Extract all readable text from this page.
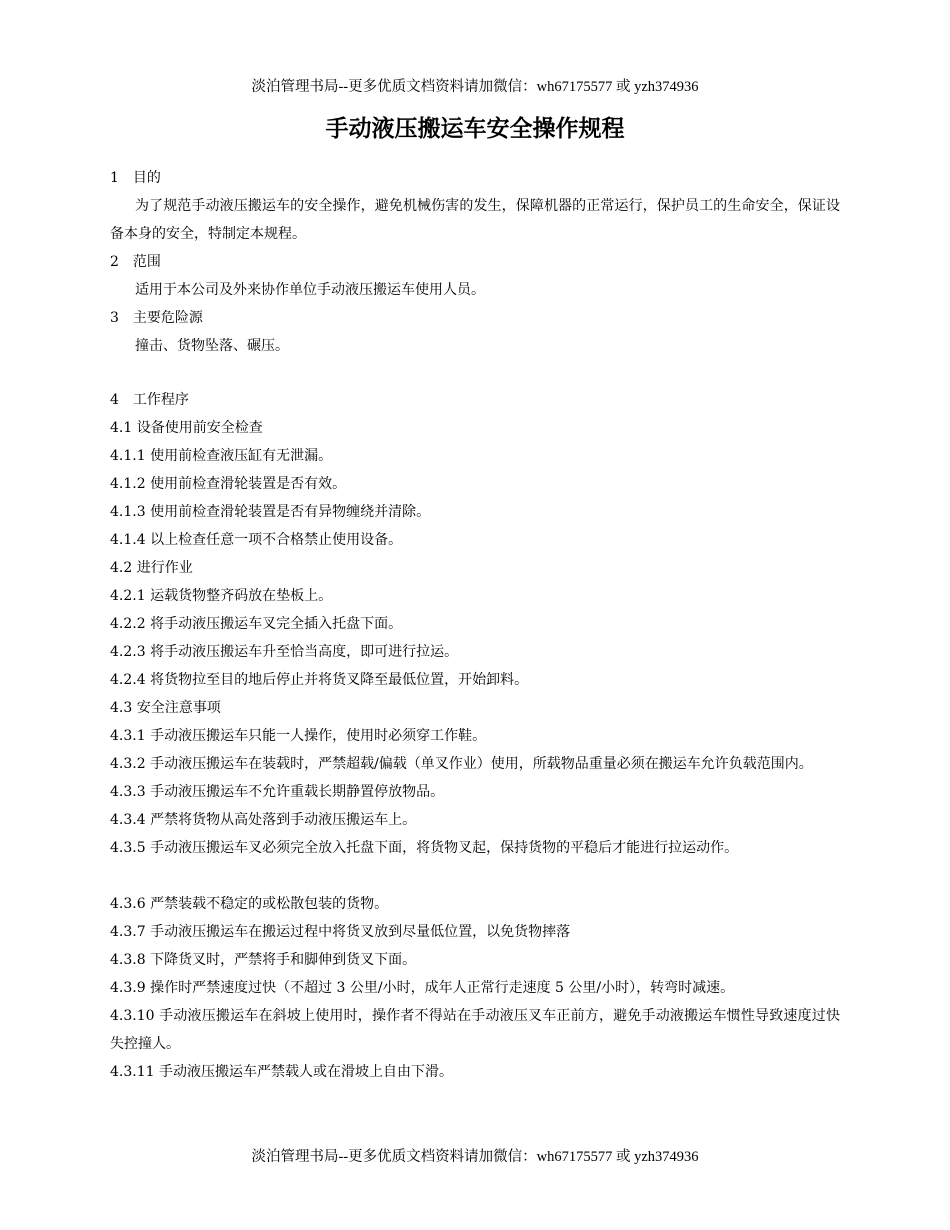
淡泊管理书局--更多优质文档资料请加微信：wh67175577 或 yzh374936
手动液压搬运车安全操作规程
1　目的
为了规范手动液压搬运车的安全操作，避免机械伤害的发生，保障机器的正常运行，保护员工的生命安全，保证设备本身的安全，特制定本规程。
2　范围
适用于本公司及外来协作单位手动液压搬运车使用人员。
3　主要危险源
撞击、货物坠落、碾压。
4　工作程序
4.1 设备使用前安全检查
4.1.1 使用前检查液压缸有无泄漏。
4.1.2 使用前检查滑轮装置是否有效。
4.1.3 使用前检查滑轮装置是否有异物缠绕并清除。
4.1.4 以上检查任意一项不合格禁止使用设备。
4.2 进行作业
4.2.1 运载货物整齐码放在垫板上。
4.2.2 将手动液压搬运车叉完全插入托盘下面。
4.2.3 将手动液压搬运车升至恰当高度，即可进行拉运。
4.2.4 将货物拉至目的地后停止并将货叉降至最低位置，开始卸料。
4.3 安全注意事项
4.3.1 手动液压搬运车只能一人操作，使用时必须穿工作鞋。
4.3.2 手动液压搬运车在装载时，严禁超载/偏载（单叉作业）使用，所载物品重量必须在搬运车允许负载范围内。
4.3.3 手动液压搬运车不允许重载长期静置停放物品。
4.3.4 严禁将货物从高处落到手动液压搬运车上。
4.3.5 手动液压搬运车叉必须完全放入托盘下面，将货物叉起，保持货物的平稳后才能进行拉运动作。
4.3.6 严禁装载不稳定的或松散包装的货物。
4.3.7 手动液压搬运车在搬运过程中将货叉放到尽量低位置，以免货物摔落
4.3.8 下降货叉时，严禁将手和脚伸到货叉下面。
4.3.9 操作时严禁速度过快（不超过 3 公里/小时，成年人正常行走速度 5 公里/小时），转弯时减速。
4.3.10 手动液压搬运车在斜坡上使用时，操作者不得站在手动液压叉车正前方，避免手动液搬运车惯性导致速度过快失控撞人。
4.3.11 手动液压搬运车严禁载人或在滑坡上自由下滑。
淡泊管理书局--更多优质文档资料请加微信：wh67175577 或 yzh374936
